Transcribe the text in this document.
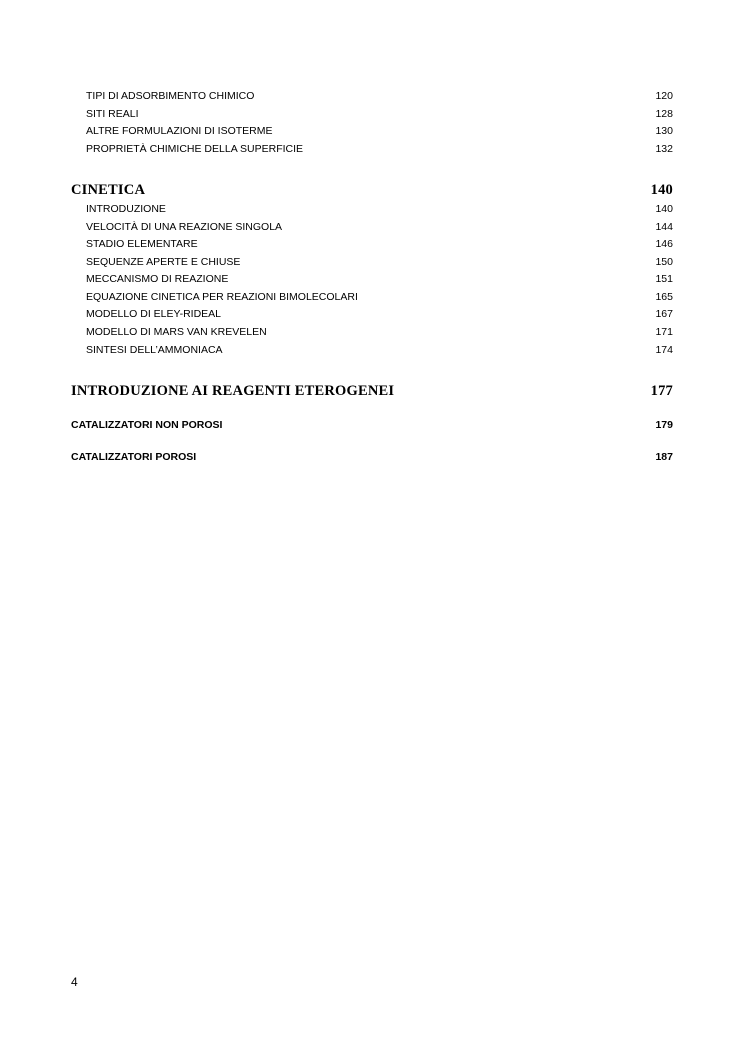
TIPI DI ADSORBIMENTO CHIMICO	120
SITI REALI	128
ALTRE FORMULAZIONI DI ISOTERME	130
PROPRIETÀ CHIMICHE DELLA SUPERFICIE	132
CINETICA	140
INTRODUZIONE	140
VELOCITÀ DI UNA REAZIONE SINGOLA	144
STADIO ELEMENTARE	146
SEQUENZE APERTE E CHIUSE	150
MECCANISMO DI REAZIONE	151
EQUAZIONE CINETICA PER REAZIONI BIMOLECOLARI	165
MODELLO DI ELEY-RIDEAL	167
MODELLO DI MARS VAN KREVELEN	171
SINTESI DELL’AMMONIACA	174
INTRODUZIONE AI REAGENTI ETEROGENEI	177
CATALIZZATORI NON POROSI	179
CATALIZZATORI POROSI	187
4
